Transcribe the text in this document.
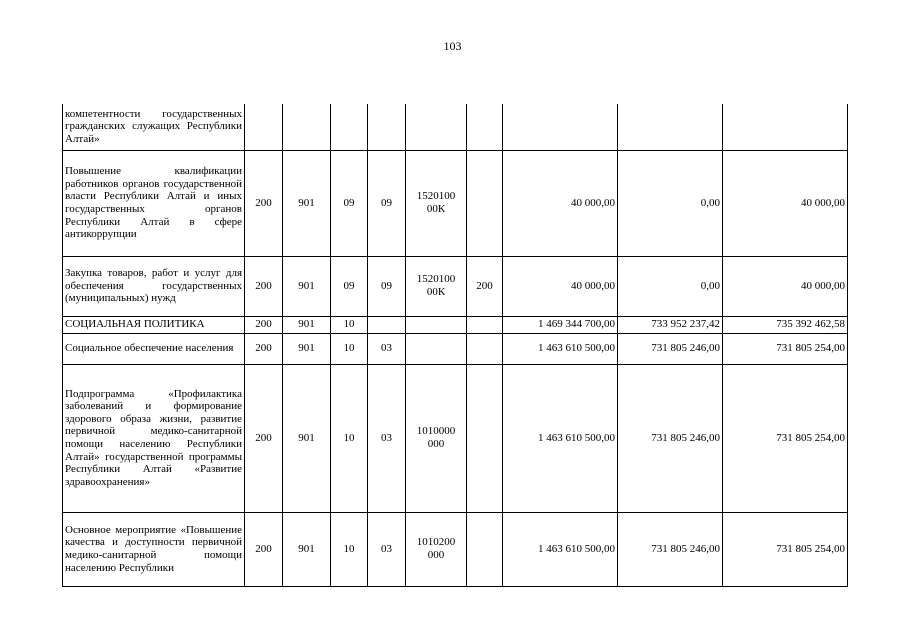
103
компетентности государственных гражданских служащих Республики Алтай»									
Повышение квалификации работников органов государственной власти Республики Алтай и иных государственных органов Республики Алтай в сфере антикоррупции	200	901	09	09	1520100 00К		40 000,00	0,00	40 000,00
Закупка товаров, работ и услуг для обеспечения государственных (муниципальных) нужд	200	901	09	09	1520100 00К	200	40 000,00	0,00	40 000,00
СОЦИАЛЬНАЯ ПОЛИТИКА	200	901	10				1 469 344 700,00	733 952 237,42	735 392 462,58
Социальное обеспечение населения	200	901	10	03			1 463 610 500,00	731 805 246,00	731 805 254,00
Подпрограмма «Профилактика заболеваний и формирование здорового образа жизни, развитие первичной медико-санитарной помощи населению Республики Алтай» государственной программы Республики Алтай «Развитие здравоохранения»	200	901	10	03	1010000 000		1 463 610 500,00	731 805 246,00	731 805 254,00
Основное мероприятие «Повышение качества и доступности первичной медико-санитарной помощи населению Республики	200	901	10	03	1010200 000		1 463 610 500,00	731 805 246,00	731 805 254,00
